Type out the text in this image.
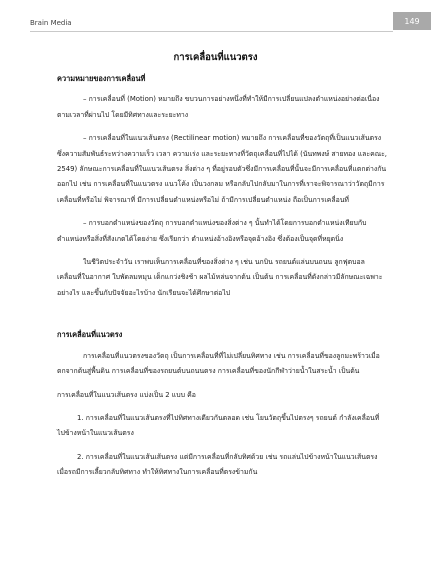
Brain Media	149
การเคลื่อนที่แนวตรง
ความหมายของการเคลื่อนที่

– การเคลื่อนที่ (Motion) หมายถึง ขบวนการอย่างหนึ่งที่ทำให้มีการเปลี่ยนแปลงตำแหน่งอย่างต่อเนื่องตามเวลาที่ผ่านไป โดยมีทิศทางและระยะทาง

– การเคลื่อนที่ในแนวเส้นตรง (Rectilinear motion) หมายถึง การเคลื่อนที่ของวัตถุที่เป็นแนวเส้นตรงซึ่งความสัมพันธ์ระหว่างความเร็ว เวลา ความเร่ง และระยะทางที่วัตถุเคลื่อนที่ไปได้ (นันทพงษ์ สายทอง และคณะ, 2549) ลักษณะการเคลื่อนที่ในแนวเส้นตรง สิ่งต่าง ๆ ที่อยู่รอบตัวซึ่งมีการเคลื่อนที่นั้นจะมีการเคลื่อนที่แตกต่างกันออกไป เช่น การเคลื่อนที่ในแนวตรง แนวโค้ง เป็นวงกลม หรือกลับไปกลับมาในการที่เราจะพิจารณาว่าวัตถุมีการเคลื่อนที่หรือไม่ พิจารณาที่ มีการเปลี่ยนตำแหน่งหรือไม่ ถ้ามีการเปลี่ยนตำแหน่ง ถือเป็นการเคลื่อนที่

– การบอกตำแหน่งของวัตถุ การบอกตำแหน่งของสิ่งต่าง ๆ นั้นทำได้โดยการบอกตำแหน่งเทียบกับตำแหน่งหรือสิ่งที่สังเกตได้โดยง่าย ซึ่งเรียกว่า ตำแหน่งอ้างอิงหรือจุดอ้างอิง ซึ่งต้องเป็นจุดที่หยุดนิ่ง

ในชีวิตประจำวัน เราพบเห็นการเคลื่อนที่ของสิ่งต่าง ๆ เช่น นกบิน รถยนต์แล่นบนถนน ลูกฟุตบอลเคลื่อนที่ในอากาศ ใบพัดลมหมุน เด็กแกว่งชิงช้า ผลไม้หล่นจากต้น เป็นต้น การเคลื่อนที่ดังกล่าวมีลักษณะเฉพาะอย่างไร และขึ้นกับปัจจัยอะไรบ้าง นักเรียนจะได้ศึกษาต่อไป

การเคลื่อนที่แนวตรง

การเคลื่อนที่แนวตรงของวัตถุ เป็นการเคลื่อนที่ที่ไม่เปลี่ยนทิศทาง เช่น การเคลื่อนที่ของลูกมะพร้าวเมื่อตกจากต้นสู่พื้นดิน การเคลื่อนที่ของรถยนต์บนถนนตรง การเคลื่อนที่ของนักกีฬาว่ายน้ำในสระน้ำ เป็นต้น

การเคลื่อนที่ในแนวเส้นตรง แบ่งเป็น 2 แบบ คือ

1. การเคลื่อนที่ในแนวเส้นตรงที่ไปทิศทางเดียวกันตลอด เช่น โยนวัตถุขึ้นไปตรงๆ รถยนต์ กำลังเคลื่อนที่ไปข้างหน้าในแนวเส้นตรง

2. การเคลื่อนที่ในแนวเส้นเส้นตรง แต่มีการเคลื่อนที่กลับทิศด้วย เช่น รถแล่นไปข้างหน้าในแนวเส้นตรง เมื่อรถมีการเลี้ยวกลับทิศทาง ทำให้ทิศทางในการเคลื่อนที่ตรงข้ามกัน
